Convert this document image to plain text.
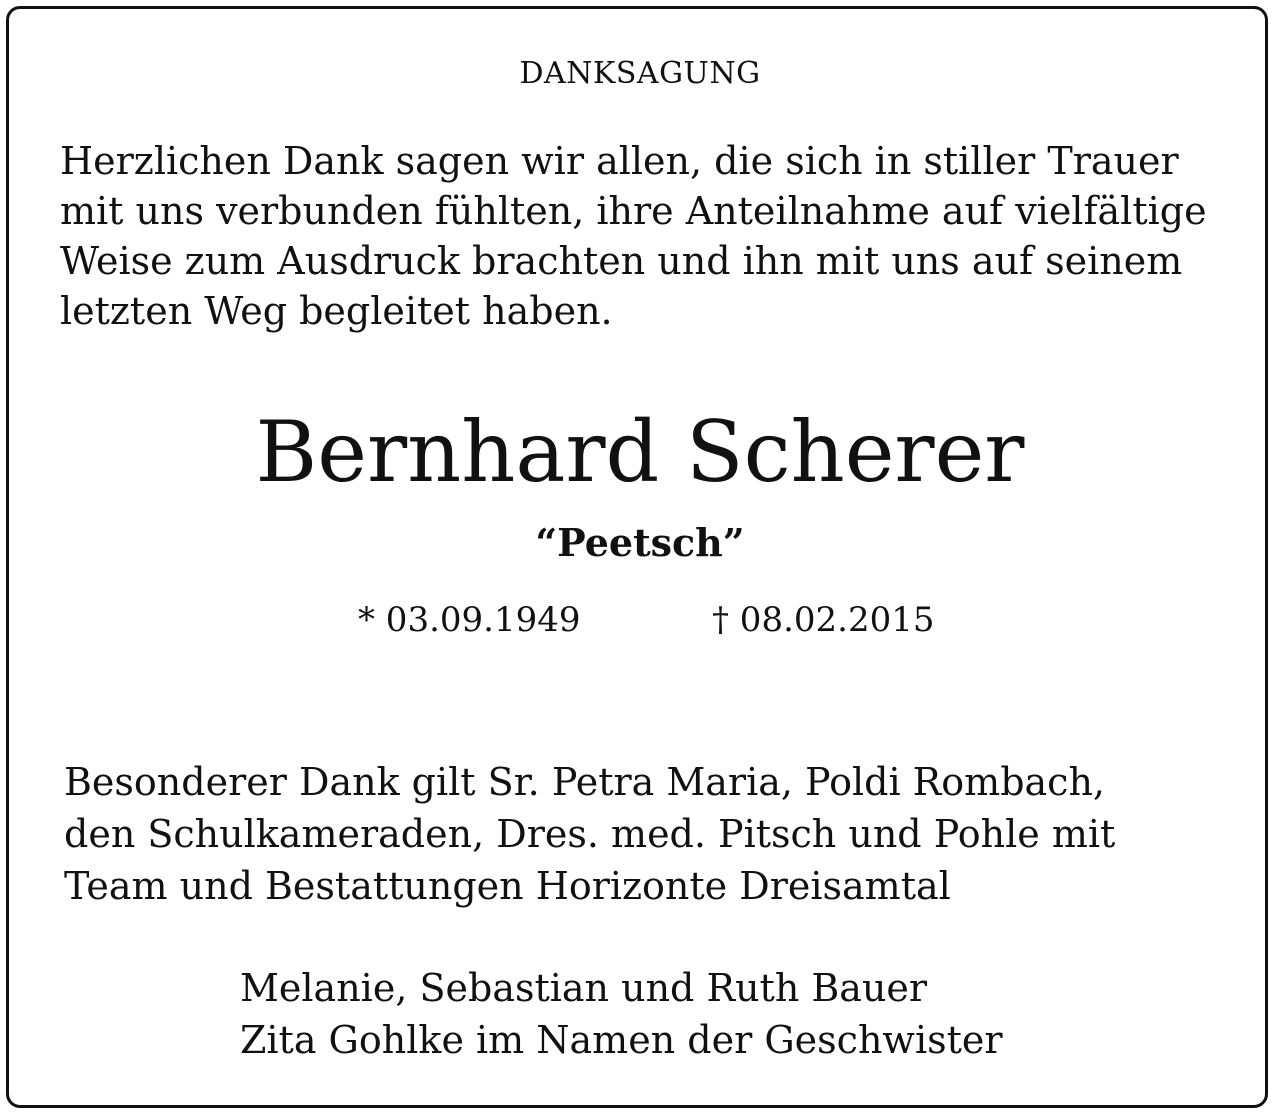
DANKSAGUNG
Herzlichen Dank sagen wir allen, die sich in stiller Trauer
mit uns verbunden fühlten, ihre Anteilnahme auf vielfältige
Weise zum Ausdruck brachten und ihn mit uns auf seinem
letzten Weg begleitet haben.
Bernhard Scherer
“Peetsch”
* 03.09.1949	† 08.02.2015
Besonderer Dank gilt Sr. Petra Maria, Poldi Rombach,
den Schulkameraden, Dres. med. Pitsch und Pohle mit
Team und Bestattungen Horizonte Dreisamtal
Melanie, Sebastian und Ruth Bauer
Zita Gohlke im Namen der Geschwister
